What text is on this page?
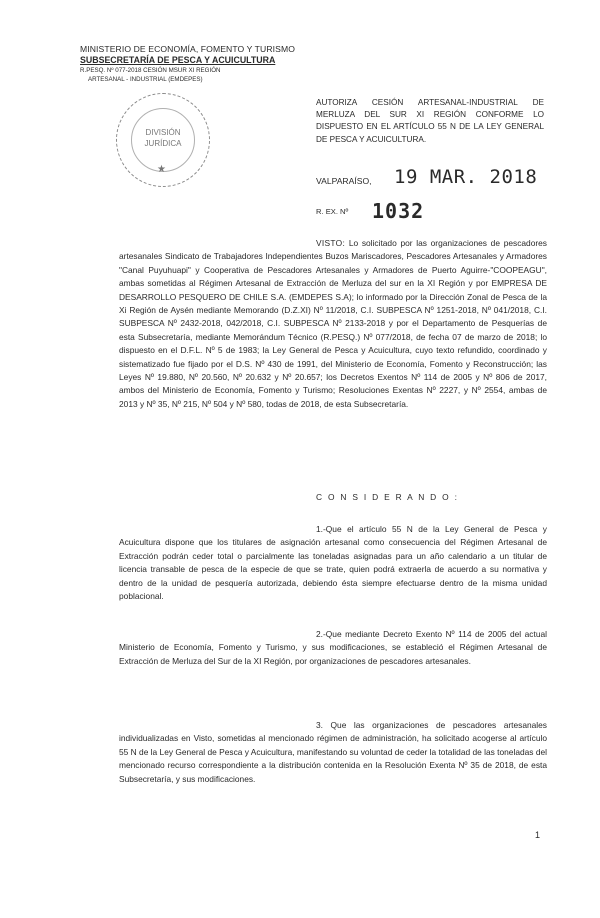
MINISTERIO DE ECONOMÍA, FOMENTO Y TURISMO
SUBSECRETARÍA DE PESCA Y ACUICULTURA
R.PESQ. Nº 077-2018 CESIÓN MSUR XI REGIÓN
ARTESANAL - INDUSTRIAL (EMDEPES)
DIVISIÓN
JURÍDICA
★
AUTORIZA CESIÓN ARTESANAL-INDUSTRIAL DE MERLUZA DEL SUR XI REGIÓN CONFORME LO DISPUESTO EN EL ARTÍCULO 55 N DE LA LEY GENERAL DE PESCA Y ACUICULTURA.
VALPARAÍSO, 19 MAR. 2018
R. EX. Nº 1032
VISTO: Lo solicitado por las organizaciones de pescadores artesanales Sindicato de Trabajadores Independientes Buzos Mariscadores, Pescadores Artesanales y Armadores "Canal Puyuhuapi" y Cooperativa de Pescadores Artesanales y Armadores de Puerto Aguirre-"COOPEAGU", ambas sometidas al Régimen Artesanal de Extracción de Merluza del sur en la XI Región y por EMPRESA DE DESARROLLO PESQUERO DE CHILE S.A. (EMDEPES S.A); lo informado por la Dirección Zonal de Pesca de la Xi Región de Aysén mediante Memorando (D.Z.XI) Nº 11/2018, C.I. SUBPESCA Nº 1251-2018, Nº 041/2018, C.I. SUBPESCA Nº 2432-2018, 042/2018, C.I. SUBPESCA Nº 2133-2018 y por el Departamento de Pesquerías de esta Subsecretaría, mediante Memorándum Técnico (R.PESQ.) Nº 077/2018, de fecha 07 de marzo de 2018; lo dispuesto en el D.F.L. Nº 5 de 1983; la Ley General de Pesca y Acuicultura, cuyo texto refundido, coordinado y sistematizado fue fijado por el D.S. Nº 430 de 1991, del Ministerio de Economía, Fomento y Reconstrucción; las Leyes Nº 19.880, Nº 20.560, Nº 20.632 y Nº 20.657; los Decretos Exentos Nº 114 de 2005 y Nº 806 de 2017, ambos del Ministerio de Economía, Fomento y Turismo; Resoluciones Exentas Nº 2227, y Nº 2554, ambas de 2013 y Nº 35, Nº 215, Nº 504 y Nº 580, todas de 2018, de esta Subsecretaría.
C O N S I D E R A N D O :
1.-Que el artículo 55 N de la Ley General de Pesca y Acuicultura dispone que los titulares de asignación artesanal como consecuencia del Régimen Artesanal de Extracción podrán ceder total o parcialmente las toneladas asignadas para un año calendario a un titular de licencia transable de pesca de la especie de que se trate, quien podrá extraerla de acuerdo a su normativa y dentro de la unidad de pesquería autorizada, debiendo ésta siempre efectuarse dentro de la misma unidad poblacional.
2.-Que mediante Decreto Exento Nº 114 de 2005 del actual Ministerio de Economía, Fomento y Turismo, y sus modificaciones, se estableció el Régimen Artesanal de Extracción de Merluza del Sur de la XI Región, por organizaciones de pescadores artesanales.
3. Que las organizaciones de pescadores artesanales individualizadas en Visto, sometidas al mencionado régimen de administración, ha solicitado acogerse al artículo 55 N de la Ley General de Pesca y Acuicultura, manifestando su voluntad de ceder la totalidad de las toneladas del mencionado recurso correspondiente a la distribución contenida en la Resolución Exenta Nº 35 de 2018, de esta Subsecretaría, y sus modificaciones.
1
